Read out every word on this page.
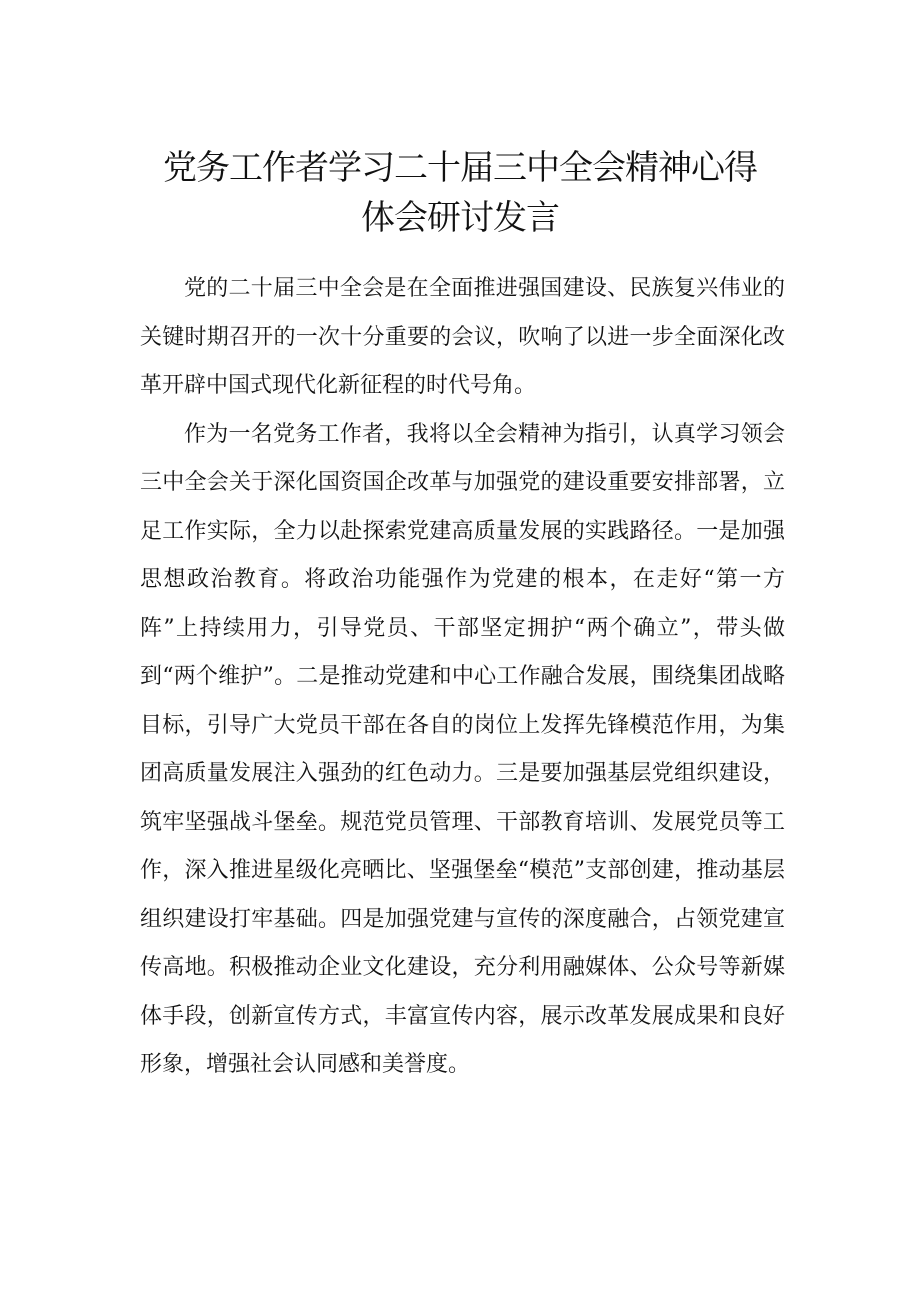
党务工作者学习二十届三中全会精神心得
体会研讨发言

党的二十届三中全会是在全面推进强国建设、民族复兴伟业的关键时期召开的一次十分重要的会议，吹响了以进一步全面深化改革开辟中国式现代化新征程的时代号角。

作为一名党务工作者，我将以全会精神为指引，认真学习领会三中全会关于深化国资国企改革与加强党的建设重要安排部署，立足工作实际，全力以赴探索党建高质量发展的实践路径。一是加强思想政治教育。将政治功能强作为党建的根本，在走好“第一方阵”上持续用力，引导党员、干部坚定拥护“两个确立”，带头做到“两个维护”。二是推动党建和中心工作融合发展，围绕集团战略目标，引导广大党员干部在各自的岗位上发挥先锋模范作用，为集团高质量发展注入强劲的红色动力。三是要加强基层党组织建设，筑牢坚强战斗堡垒。规范党员管理、干部教育培训、发展党员等工作，深入推进星级化亮晒比、坚强堡垒“模范”支部创建，推动基层组织建设打牢基础。四是加强党建与宣传的深度融合，占领党建宣传高地。积极推动企业文化建设，充分利用融媒体、公众号等新媒体手段，创新宣传方式，丰富宣传内容，展示改革发展成果和良好形象，增强社会认同感和美誉度。
